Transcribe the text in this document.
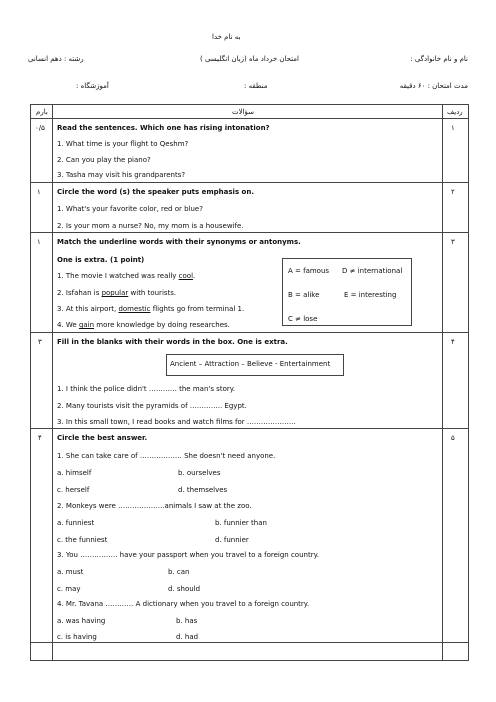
به نام خدا
نام و نام خانوادگی :
امتحان خرداد ماه (زبان انگلیسی )
رشته : دهم انسانی
مدت امتحان : ۶۰ دقیقه
منطقه :
آموزشگاه :
بارم	سؤالات	ردیف
۰/۵	۱
Read the sentences. Which one has rising intonation?
1. What time is your flight to Qeshm?
2. Can you play the piano?
3. Tasha may visit his grandparents?
۱	۲
Circle the word (s) the speaker puts emphasis on.
1. What's your favorite color, red or blue?
2. Is your mom a nurse? No, my mom is a housewife.
۱	۳
Match the underline words with their synonyms or antonyms.
One is extra. (1 point)
1. The movie I watched was really cool.
2. Isfahan is popular with tourists.
3. At this airport, domestic flights go from terminal 1.
4. We gain more knowledge by doing researches.
A = famous D ≠ international
B = alike	E = interesting
C ≠ lose
۳	۴
Fill in the blanks with their words in the box. One is extra.
Ancient – Attraction – Believe - Entertainment
1. I think the police didn't ………… the man's story.
2. Many tourists visit the pyramids of ………….. Egypt.
3. In this small town, I read books and watch films for …………………
۴	۵
Circle the best answer.
1. She can take care of ……………… She doesn't need anyone.
a. himself	b. ourselves
c. herself	d. themselves
2. Monkeys were ………………..animals I saw at the zoo.
a. funniest	b. funnier than
c. the funniest	d. funnier
3. You ……………. have your passport when you travel to a foreign country.
a. must	b. can
c. may	d. should
4. Mr. Tavana ………… A dictionary when you travel to a foreign country.
a. was having	b. has
c. is having	d. had
